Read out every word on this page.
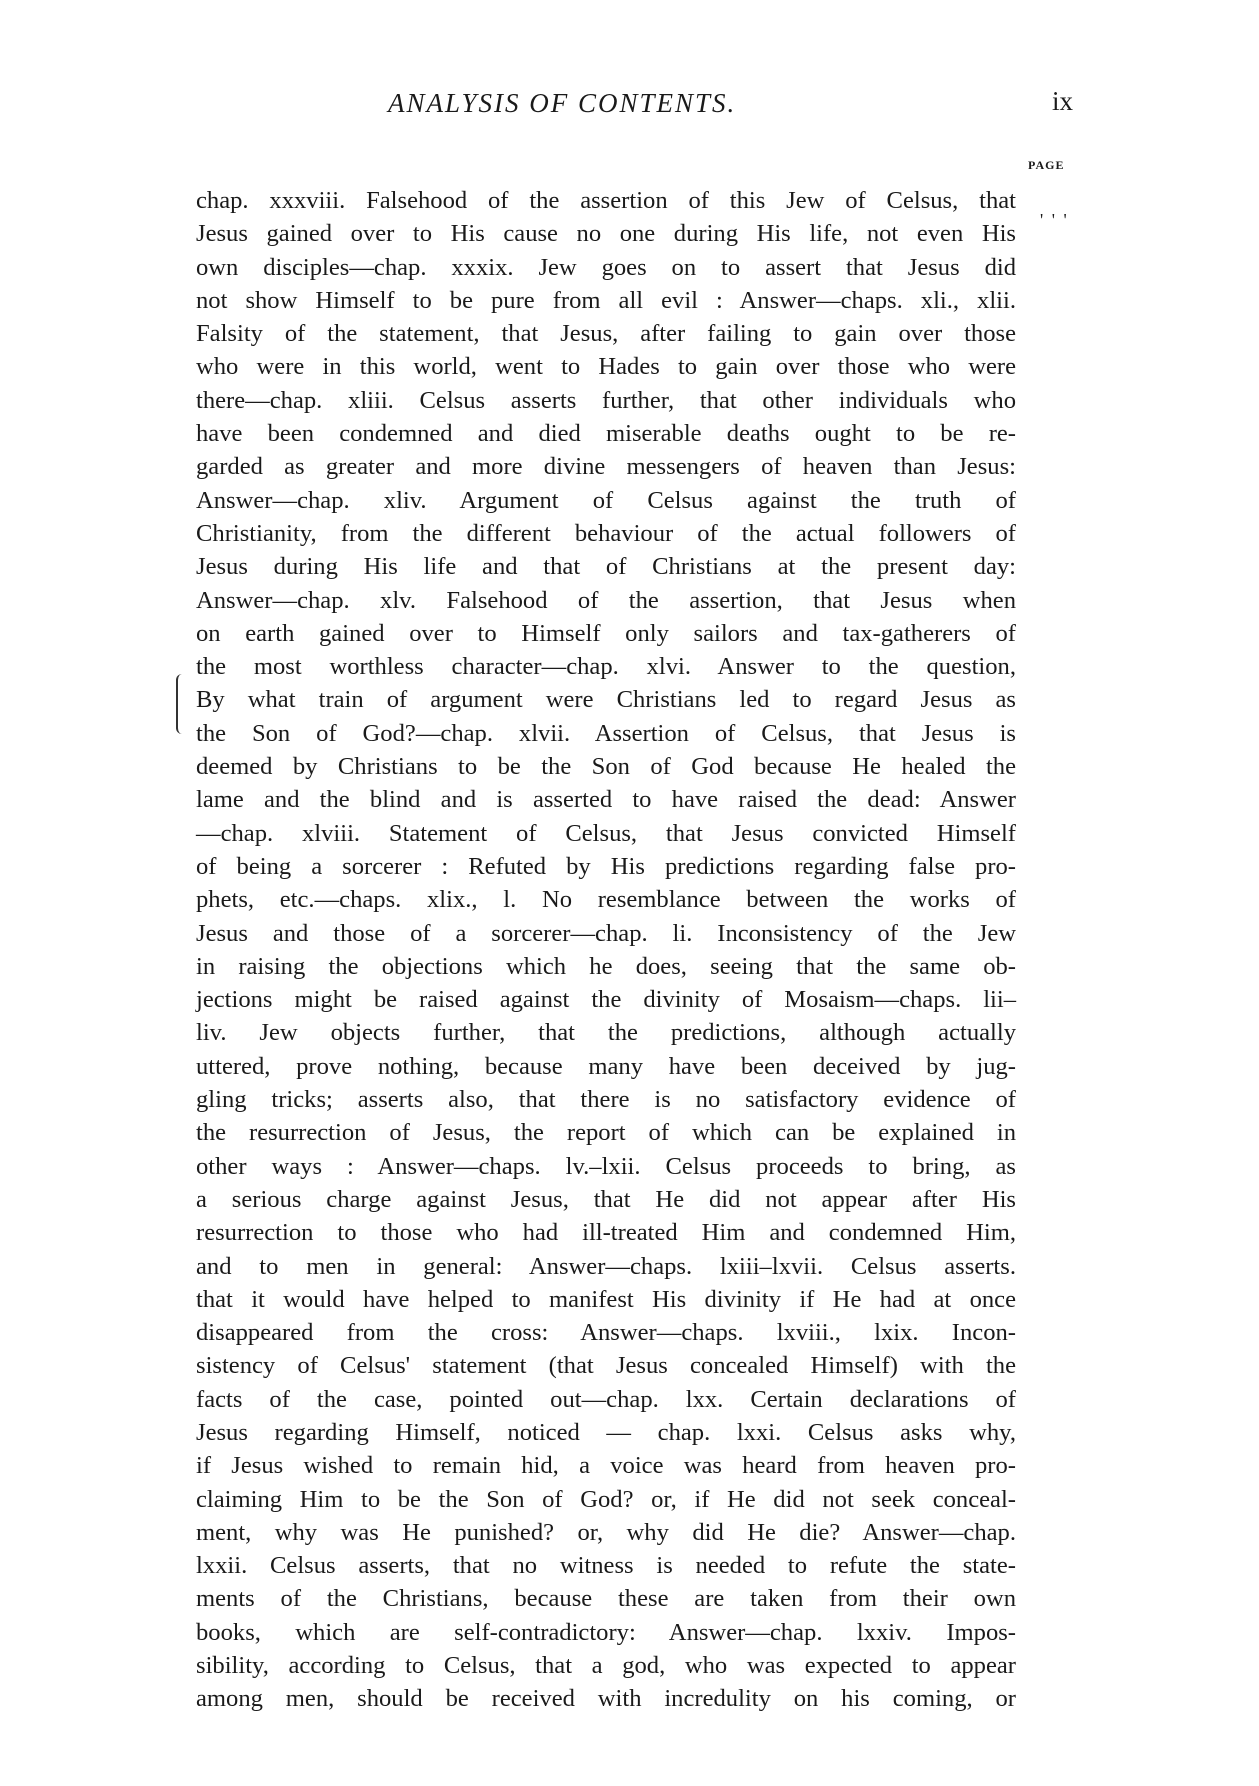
ANALYSIS OF CONTENTS.	ix
PAGE
' ' '
chap. xxxviii. Falsehood of the assertion of this Jew of Celsus, that
Jesus gained over to His cause no one during His life, not even His
own disciples—chap. xxxix. Jew goes on to assert that Jesus did
not show Himself to be pure from all evil : Answer—chaps. xli., xlii.
Falsity of the statement, that Jesus, after failing to gain over those
who were in this world, went to Hades to gain over those who were
there—chap. xliii. Celsus asserts further, that other individuals who
have been condemned and died miserable deaths ought to be re-
garded as greater and more divine messengers of heaven than Jesus:
Answer—chap. xliv. Argument of Celsus against the truth of
Christianity, from the different behaviour of the actual followers of
Jesus during His life and that of Christians at the present day:
Answer—chap. xlv. Falsehood of the assertion, that Jesus when
on earth gained over to Himself only sailors and tax-gatherers of
the most worthless character—chap. xlvi. Answer to the question,
By what train of argument were Christians led to regard Jesus as
the Son of God?—chap. xlvii. Assertion of Celsus, that Jesus is
deemed by Christians to be the Son of God because He healed the
lame and the blind and is asserted to have raised the dead: Answer
—chap. xlviii. Statement of Celsus, that Jesus convicted Himself
of being a sorcerer : Refuted by His predictions regarding false pro-
phets, etc.—chaps. xlix., l. No resemblance between the works of
Jesus and those of a sorcerer—chap. li. Inconsistency of the Jew
in raising the objections which he does, seeing that the same ob-
jections might be raised against the divinity of Mosaism—chaps. lii–
liv. Jew objects further, that the predictions, although actually
uttered, prove nothing, because many have been deceived by jug-
gling tricks; asserts also, that there is no satisfactory evidence of
the resurrection of Jesus, the report of which can be explained in
other ways : Answer—chaps. lv.–lxii. Celsus proceeds to bring, as
a serious charge against Jesus, that He did not appear after His
resurrection to those who had ill-treated Him and condemned Him,
and to men in general: Answer—chaps. lxiii–lxvii. Celsus asserts.
that it would have helped to manifest His divinity if He had at once
disappeared from the cross: Answer—chaps. lxviii., lxix. Incon-
sistency of Celsus' statement (that Jesus concealed Himself) with the
facts of the case, pointed out—chap. lxx. Certain declarations of
Jesus regarding Himself, noticed — chap. lxxi. Celsus asks why,
if Jesus wished to remain hid, a voice was heard from heaven pro-
claiming Him to be the Son of God? or, if He did not seek conceal-
ment, why was He punished? or, why did He die? Answer—chap.
lxxii. Celsus asserts, that no witness is needed to refute the state-
ments of the Christians, because these are taken from their own
books, which are self-contradictory: Answer—chap. lxxiv. Impos-
sibility, according to Celsus, that a god, who was expected to appear
among men, should be received with incredulity on his coming, or
